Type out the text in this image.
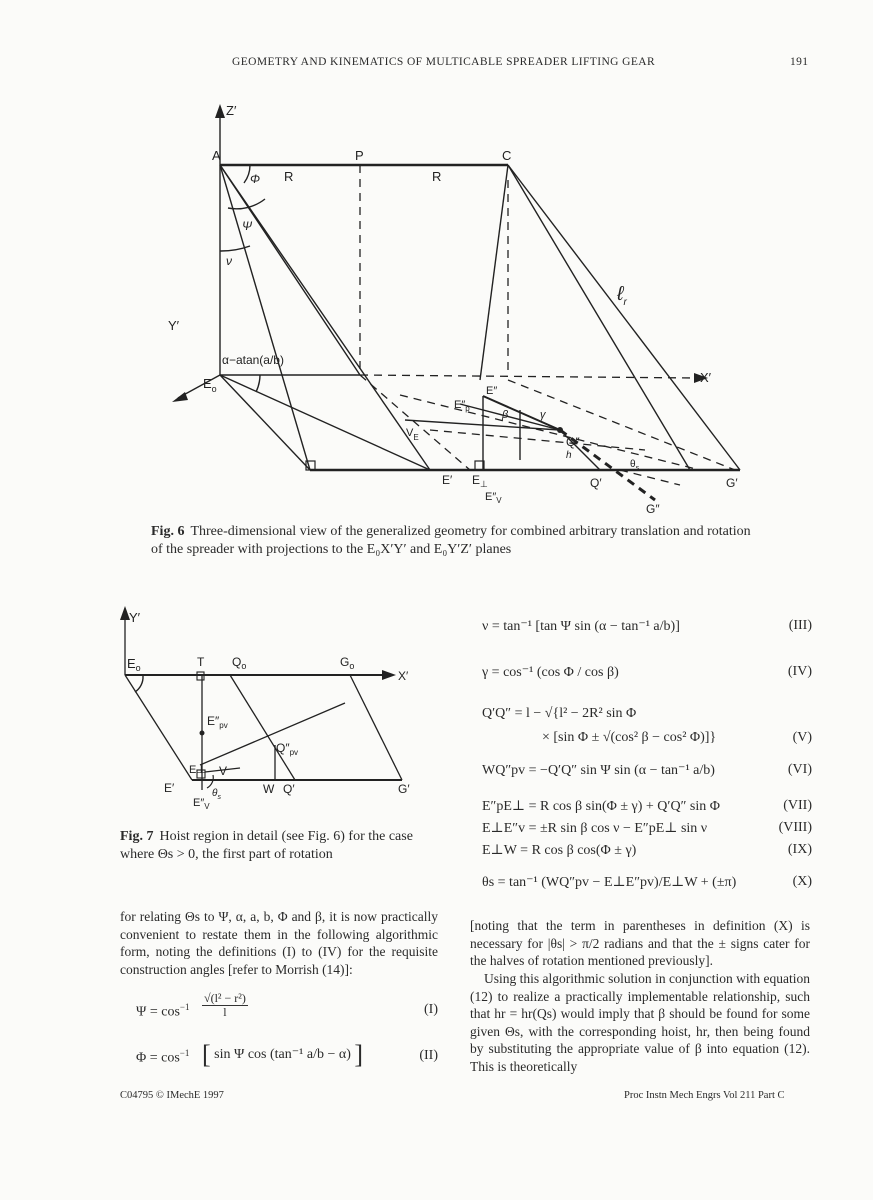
GEOMETRY AND KINEMATICS OF MULTICABLE SPREADER LIFTING GEAR	191
Z′
A	P	C
R	R
Φ
Ψ
ν
Y′
α−atan(a/b)
$E_o$
X′
ℓ$_r$
$E''_p$
E″
$V_E$
β	γ
Q″
E′ $E_\perp$
$E''_V$
Q′
$\theta_s$
h
G′
G″
Fig. 6 Three-dimensional view of the generalized geometry for combined arbitrary translation and rotation of the spreader with projections to the E₀X′Y′ and E₀Y′Z′ planes
Y′
$E_o$	T $Q_o$	$G_o$
X′
$E''_{pv}$
$Q''_{pv}$
E⊥ V
E′	W Q′	G′
$\theta_s$
$E''_V$
Fig. 7 Hoist region in detail (see Fig. 6) for the case where Θs > 0, the first part of rotation
for relating Θs to Ψ, α, a, b, Φ and β, it is now practically convenient to restate them in the following algorithmic form, noting the definitions (I) to (IV) for the requisite construction angles [refer to Morrish (14)]:
$\Psi = \cos^{-1} \frac{\text{√(l² − r²)}}{l}$	(I)
$\Phi = \cos^{-1}$ [ sin Ψ cos (tan⁻¹ a/b − α) ]	(II)
ν = tan⁻¹ [tan Ψ sin (α − tan⁻¹ a/b)]	(III)
γ = cos⁻¹ (cos Φ / cos β)	(IV)
Q′Q″ = l − √{l² − 2R² sin Φ
× [sin Φ ± √(cos² β − cos² Φ)]}	(V)
WQ″pv = −Q′Q″ sin Ψ sin (α − tan⁻¹ a/b)	(VI)
E″pE⊥ = R cos β sin(Φ ± γ) + Q′Q″ sin Φ	(VII)
E⊥E″v = ±R sin β cos ν − E″pE⊥ sin ν	(VIII)
E⊥W = R cos β cos(Φ ± γ)	(IX)
θs = tan⁻¹ (WQ″pv − E⊥E″pv)/E⊥W + (±π)	(X)
[noting that the term in parentheses in definition (X) is necessary for |θs| > π/2 radians and that the ± signs cater for the halves of rotation mentioned previously].
Using this algorithmic solution in conjunction with equation (12) to realize a practically implementable relationship, such that hr = hr(Qs) would imply that β should be found for some given Θs, with the corresponding hoist, hr, then being found by substituting the appropriate value of β into equation (12). This is theoretically
C04795 © IMechE 1997	Proc Instn Mech Engrs Vol 211 Part C
